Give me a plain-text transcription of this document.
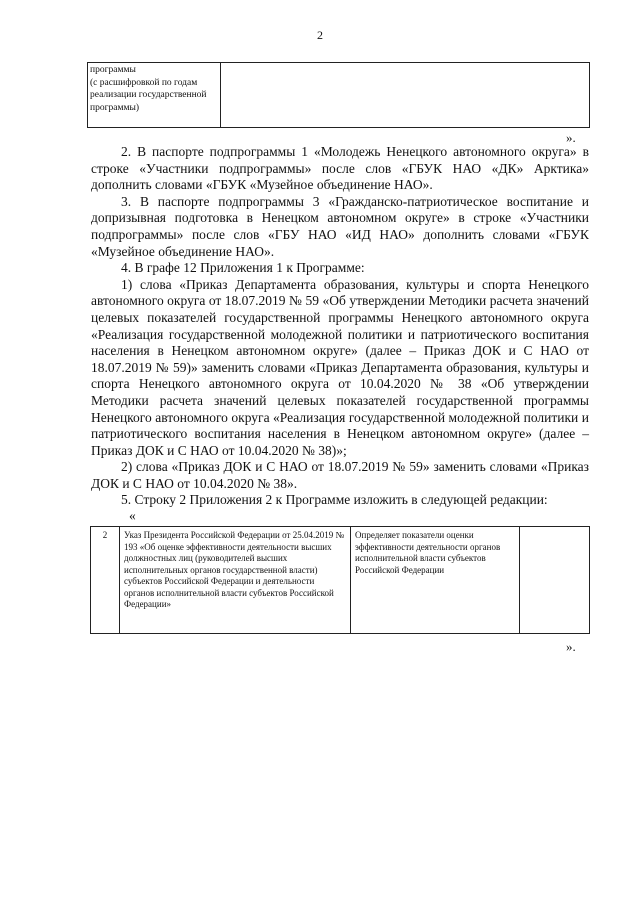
2
программы
(с расшифровкой по годам реализации государственной программы)	
».

2. В паспорте подпрограммы 1 «Молодежь Ненецкого автономного округа» в строке «Участники подпрограммы» после слов «ГБУК НАО «ДК» Арктика» дополнить словами «ГБУК «Музейное объединение НАО».

3. В паспорте подпрограммы 3 «Гражданско-патриотическое воспитание и допризывная подготовка в Ненецком автономном округе» в строке «Участники подпрограммы» после слов «ГБУ НАО «ИД НАО» дополнить словами «ГБУК «Музейное объединение НАО».

4. В графе 12 Приложения 1 к Программе:

1) слова «Приказ Департамента образования, культуры и спорта Ненецкого автономного округа от 18.07.2019 № 59 «Об утверждении Методики расчета значений целевых показателей государственной программы Ненецкого автономного округа «Реализация государственной молодежной политики и патриотического воспитания населения в Ненецком автономном округе» (далее – Приказ ДОК и С НАО от 18.07.2019 № 59)» заменить словами «Приказ Департамента образования, культуры и спорта Ненецкого автономного округа от 10.04.2020 № 38 «Об утверждении Методики расчета значений целевых показателей государственной программы Ненецкого автономного округа «Реализация государственной молодежной политики и патриотического воспитания населения в Ненецком автономном округе» (далее – Приказ ДОК и С НАО от 10.04.2020 № 38)»;

2) слова «Приказ ДОК и С НАО от 18.07.2019 № 59» заменить словами «Приказ ДОК и С НАО от 10.04.2020 № 38».

5. Строку 2 Приложения 2 к Программе изложить в следующей редакции:

«
2	Указ Президента Российской Федерации от 25.04.2019 № 193 «Об оценке эффективности деятельности высших должностных лиц (руководителей высших исполнительных органов государственной власти) субъектов Российской Федерации и деятельности органов исполнительной власти субъектов Российской Федерации»	Определяет показатели оценки эффективности деятельности органов исполнительной власти субъектов Российской Федерации	
».
